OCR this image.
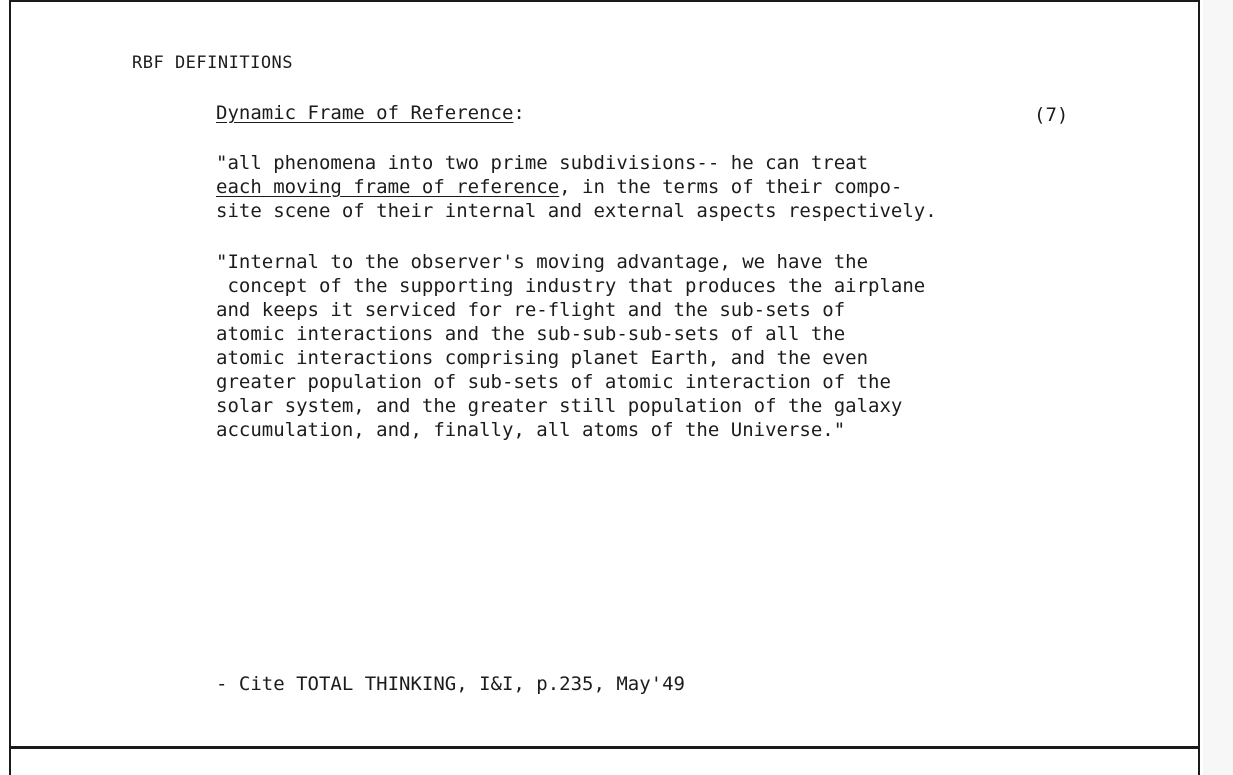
RBF DEFINITIONS
Dynamic Frame of Reference:	(7)
"all phenomena into two prime subdivisions-- he can treat
each moving frame of reference, in the terms of their compo-
site scene of their internal and external aspects respectively.
"Internal to the observer's moving advantage, we have the
concept of the supporting industry that produces the airplane
and keeps it serviced for re-flight and the sub-sets of
atomic interactions and the sub-sub-sub-sets of all the
atomic interactions comprising planet Earth, and the even
greater population of sub-sets of atomic interaction of the
solar system, and the greater still population of the galaxy
accumulation, and, finally, all atoms of the Universe."
- Cite TOTAL THINKING, I&I, p.235, May'49
